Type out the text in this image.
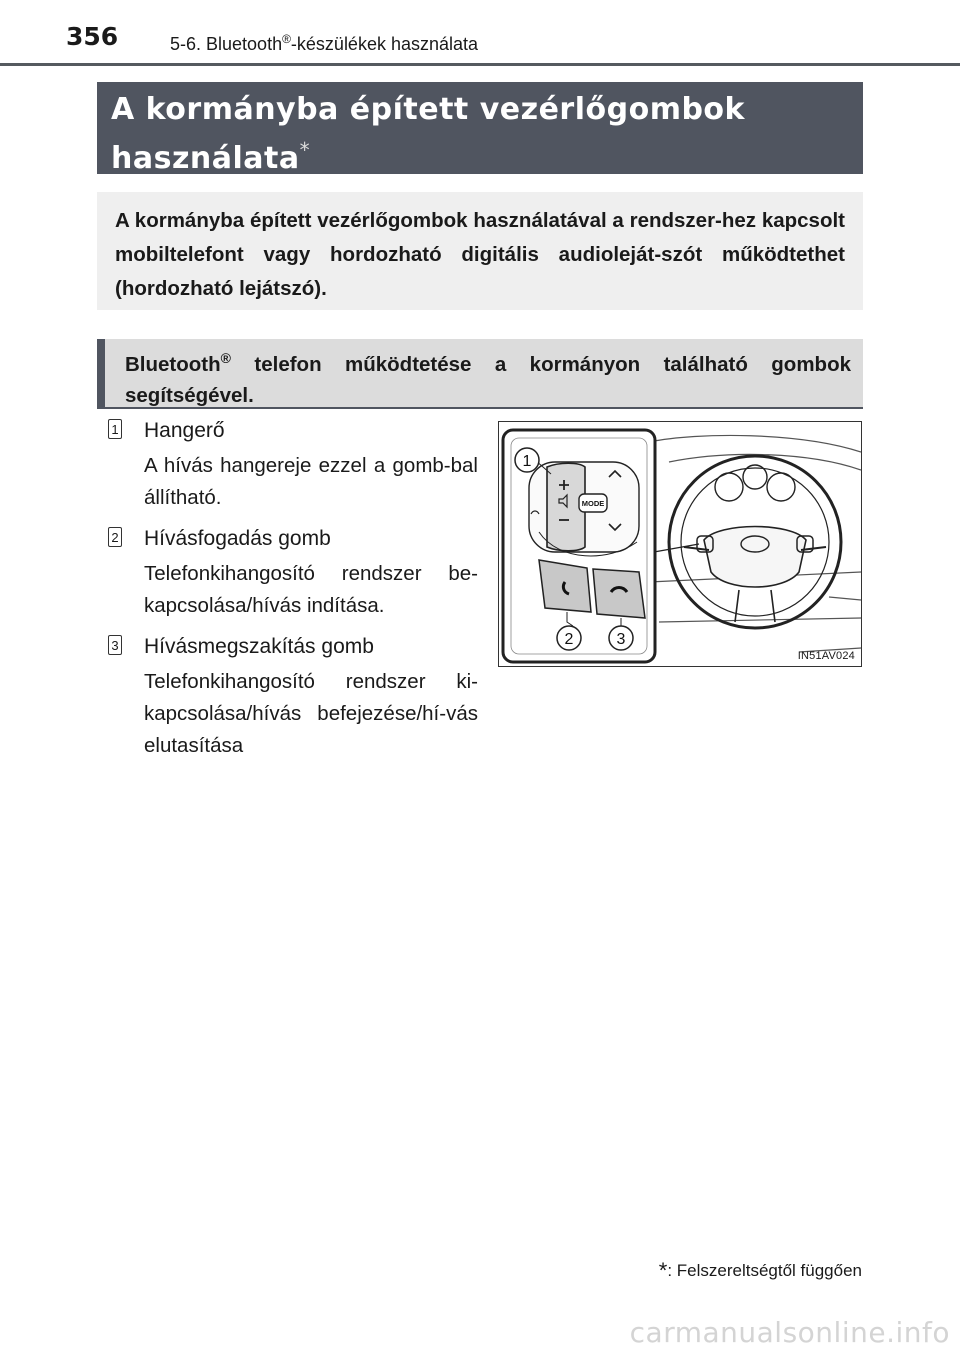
356	5-6. Bluetooth®-készülékek használata
A kormányba épített vezérlőgombok
használata*

A kormányba épített vezérlőgombok használatával a rendszer-hez kapcsolt mobiltelefont vagy hordozható digitális audioleját-szót működtethet (hordozható lejátszó).

Bluetooth® telefon működtetése a kormányon található gombok segítségével.

1 Hangerő

A hívás hangereje ezzel a gomb-bal állítható.

2 Hívásfogadás gomb

Telefonkihangosító rendszer be-kapcsolása/hívás indítása.

3 Hívásmegszakítás gomb

Telefonkihangosító rendszer ki-kapcsolása/hívás befejezése/hí-vás elutasítása

MODE
1
2	3
IN51AV024
*: Felszereltségtől függően
carmanualsonline.info
